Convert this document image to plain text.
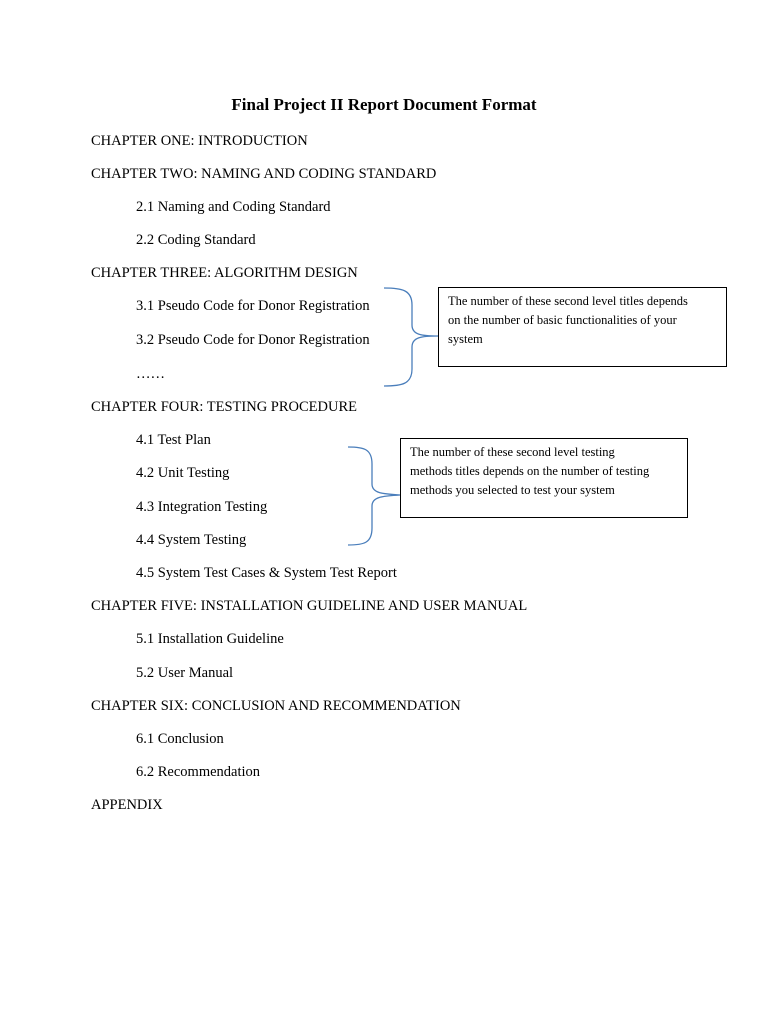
Final Project II Report Document Format
CHAPTER ONE: INTRODUCTION
CHAPTER TWO: NAMING AND CODING STANDARD
2.1 Naming and Coding Standard
2.2 Coding Standard
CHAPTER THREE: ALGORITHM DESIGN
3.1 Pseudo Code for Donor Registration
3.2 Pseudo Code for Donor Registration
……
CHAPTER FOUR: TESTING PROCEDURE
4.1 Test Plan
4.2 Unit Testing
4.3 Integration Testing
4.4 System Testing
4.5 System Test Cases & System Test Report
CHAPTER FIVE: INSTALLATION GUIDELINE AND USER MANUAL
5.1 Installation Guideline
5.2 User Manual
CHAPTER SIX: CONCLUSION AND RECOMMENDATION
6.1 Conclusion
6.2 Recommendation
APPENDIX
The number of these second level titles depends
on the number of basic functionalities of your
system
The number of these second level testing
methods titles depends on the number of testing
methods you selected to test your system
